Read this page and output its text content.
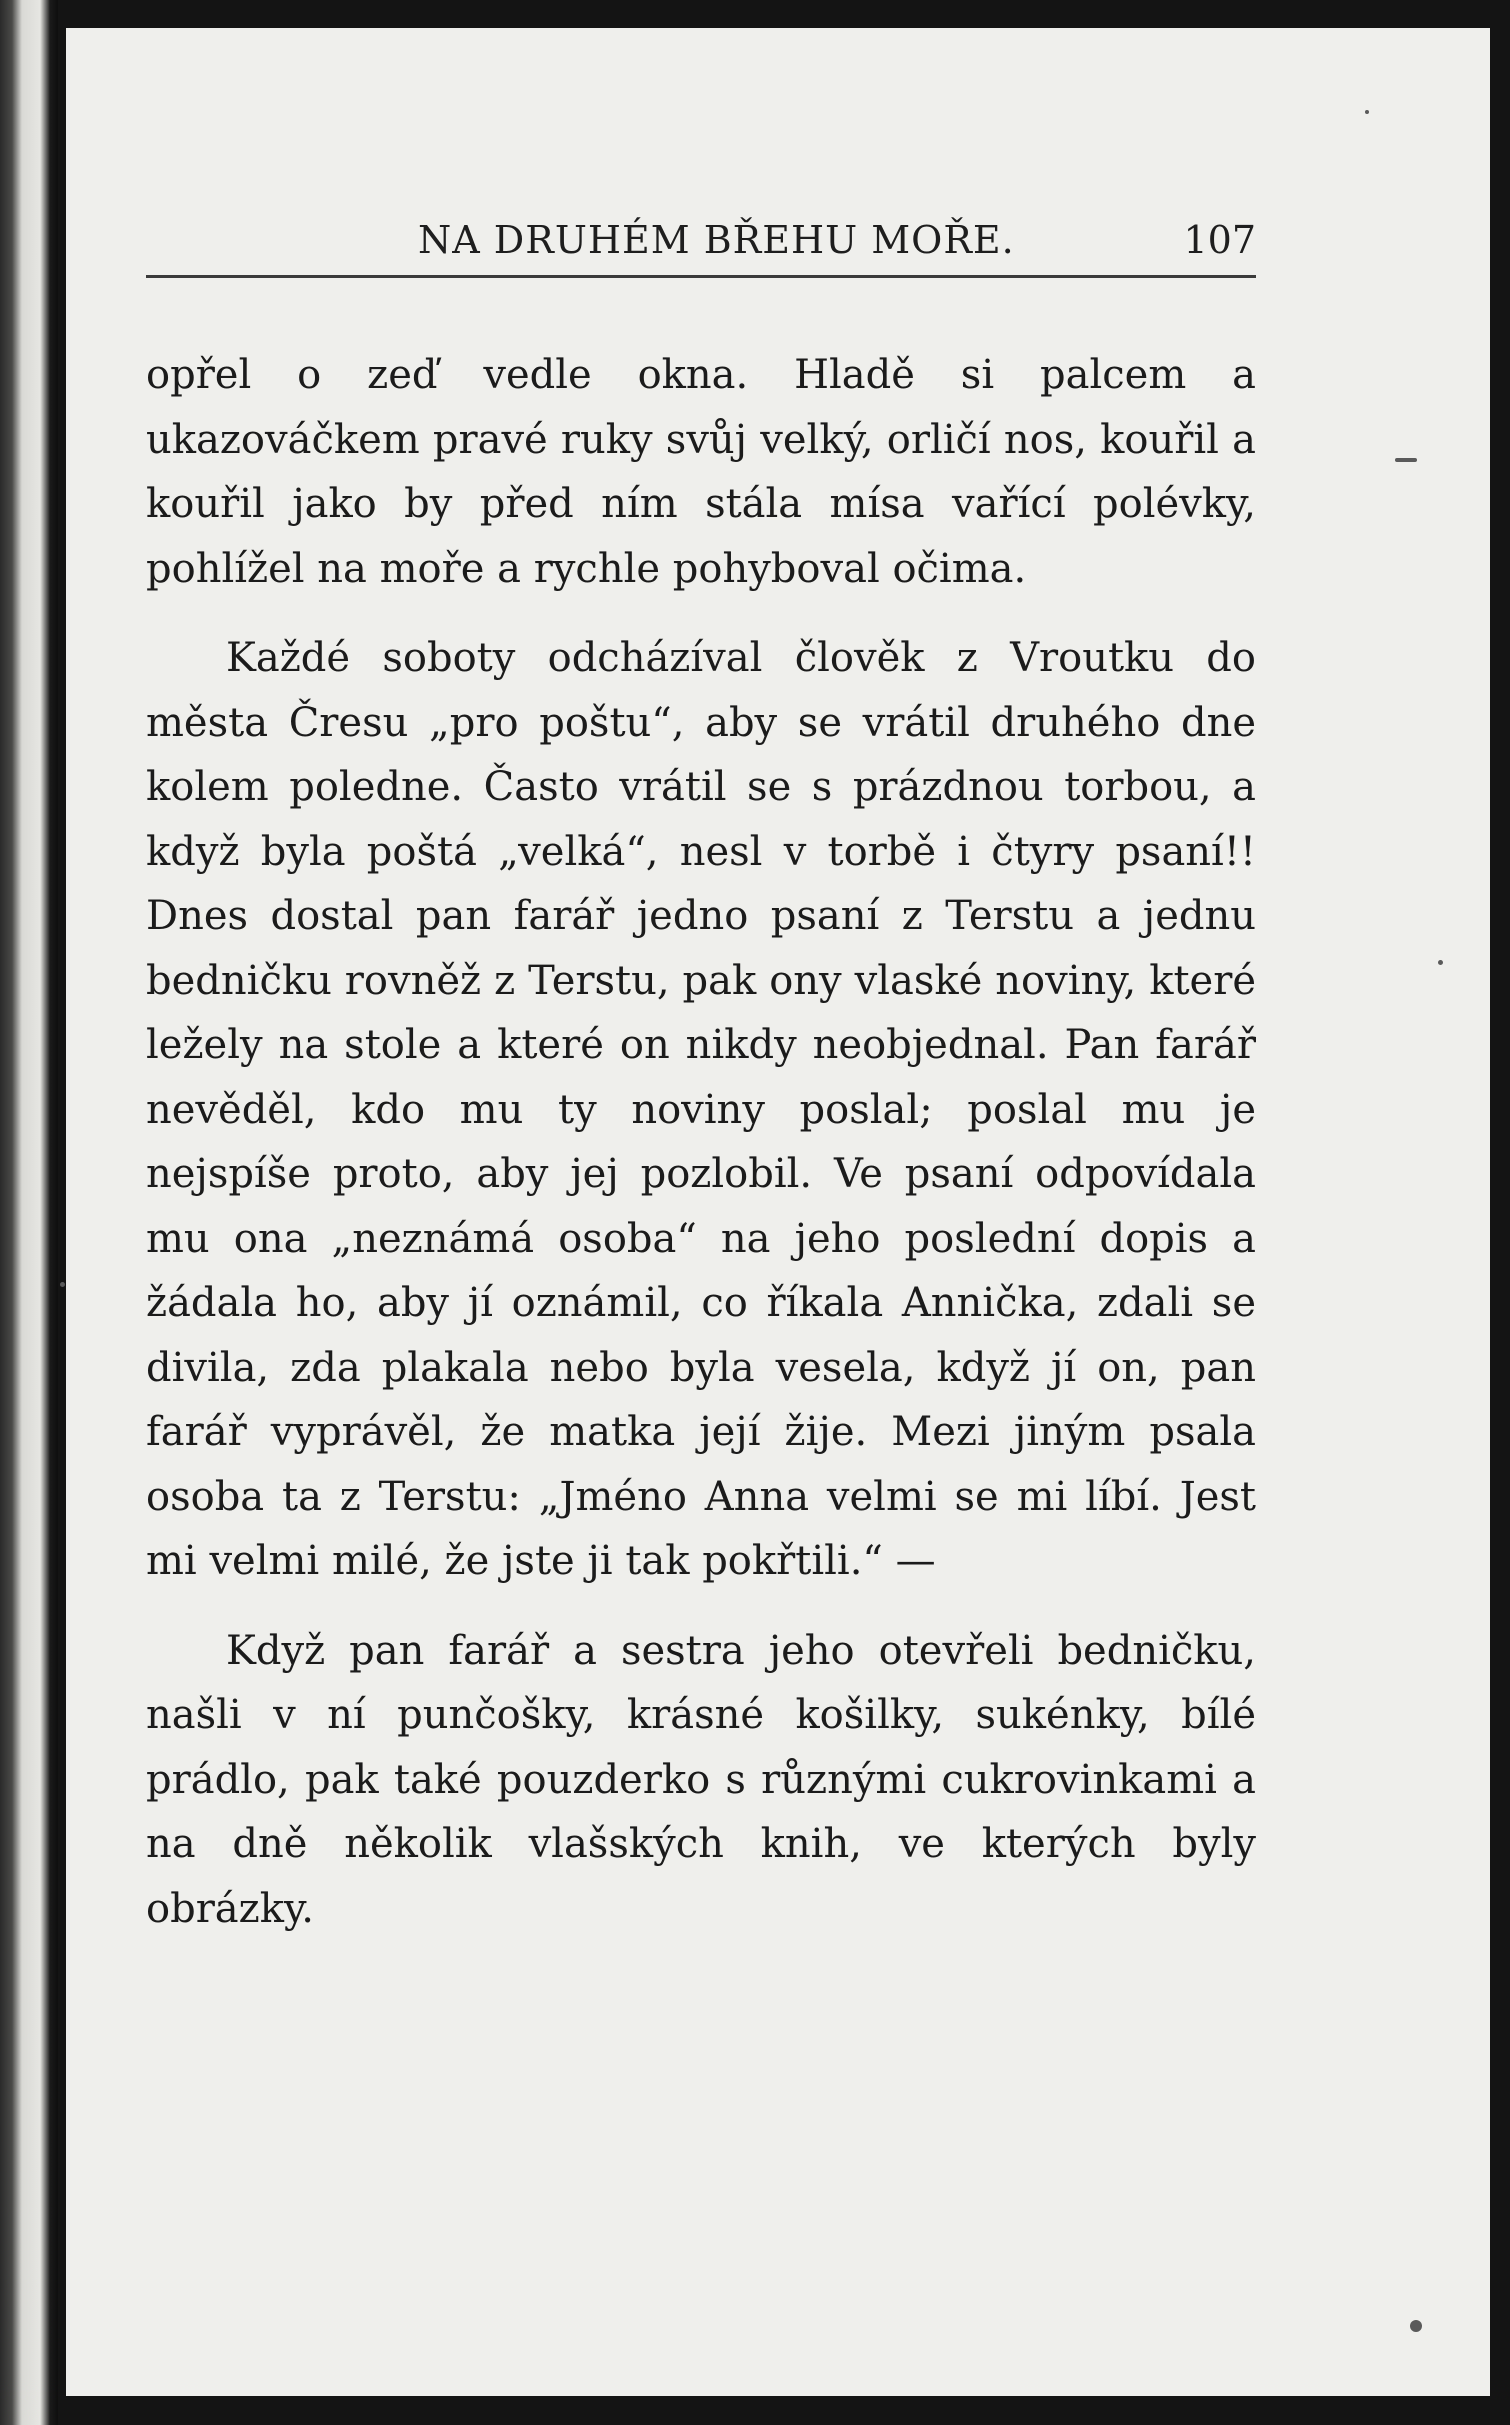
NA DRUHÉM BŘEHU MOŘE.	107

opřel o zeď vedle okna. Hladě si palcem a ukazováčkem pravé ruky svůj velký, orličí nos, kouřil a kouřil jako by před ním stála mísa vařící polévky, pohlížel na moře a rychle pohyboval očima.

Každé soboty odcházíval člověk z Vroutku do města Čresu „pro poštu“, aby se vrátil druhého dne kolem poledne. Často vrátil se s prázdnou torbou, a když byla poštá „velká“, nesl v torbě i čtyry psaní!! Dnes dostal pan farář jedno psaní z Terstu a jednu bedničku rovněž z Terstu, pak ony vlaské noviny, které ležely na stole a které on nikdy neobjednal. Pan farář nevěděl, kdo mu ty noviny poslal; poslal mu je nejspíše proto, aby jej pozlobil. Ve psaní odpovídala mu ona „neznámá osoba“ na jeho poslední dopis a žádala ho, aby jí oznámil, co říkala Annička, zdali se divila, zda plakala nebo byla vesela, když jí on, pan farář vyprávěl, že matka její žije. Mezi jiným psala osoba ta z Terstu: „Jméno Anna velmi se mi líbí. Jest mi velmi milé, že jste ji tak pokřtili.“ —

Když pan farář a sestra jeho otevřeli bedničku, našli v ní punčošky, krásné košilky, sukénky, bílé prádlo, pak také pouzderko s různými cukrovinkami a na dně několik vlašských knih, ve kterých byly obrázky.
